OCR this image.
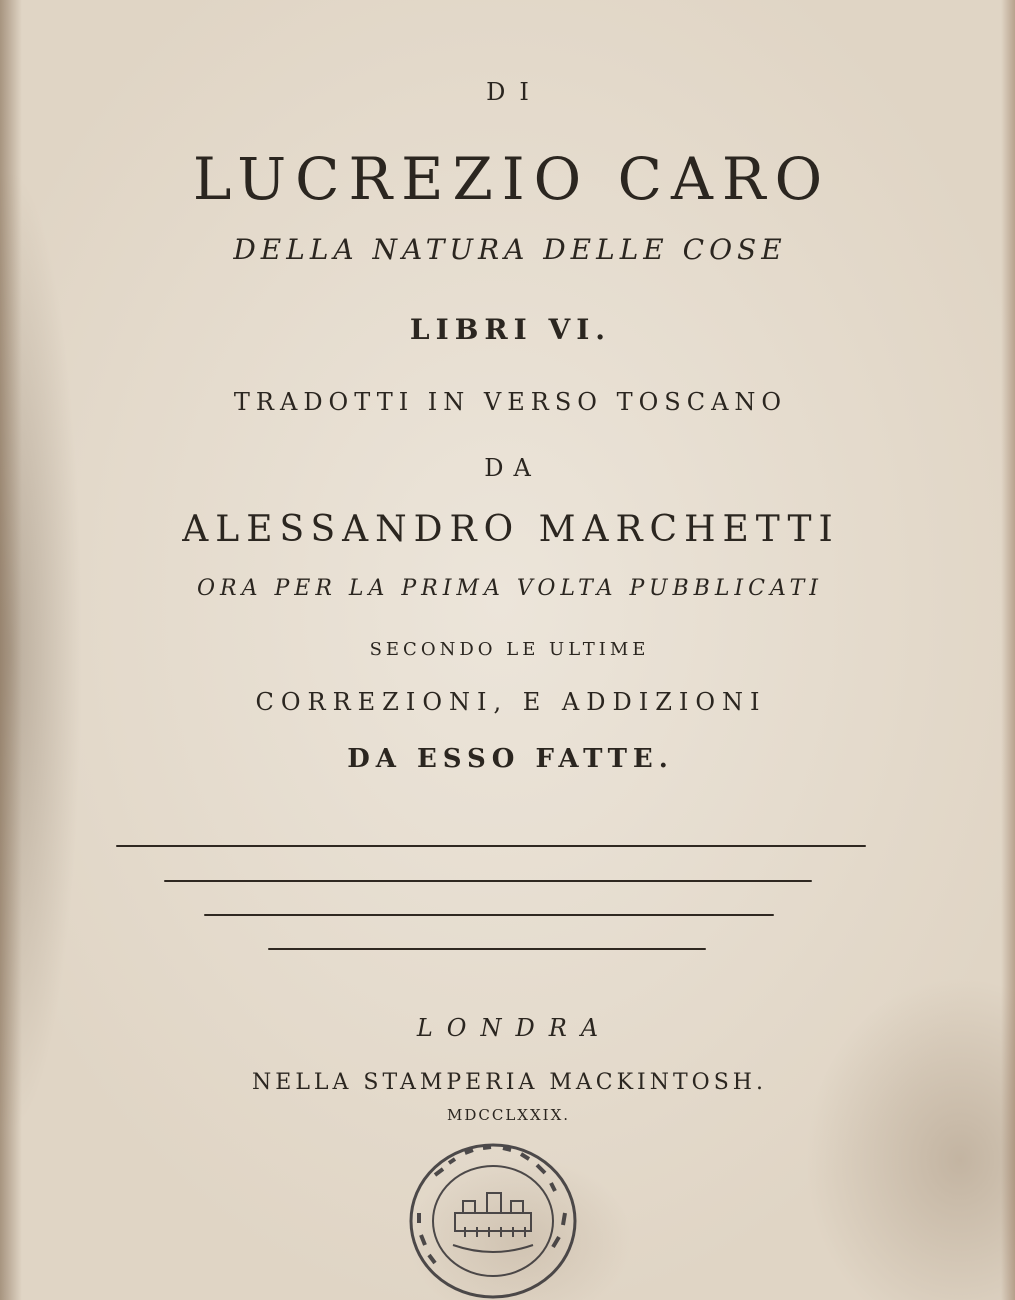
DI
LUCREZIO CARO
DELLA NATURA DELLE COSE
LIBRI VI.
TRADOTTI IN VERSO TOSCANO
DA
ALESSANDRO MARCHETTI
ORA PER LA PRIMA VOLTA PUBBLICATI
SECONDO LE ULTIME
CORREZIONI, E ADDIZIONI
DA ESSO FATTE.
LONDRA
NELLA STAMPERIA MACKINTOSH.
MDCCLXXIX.
